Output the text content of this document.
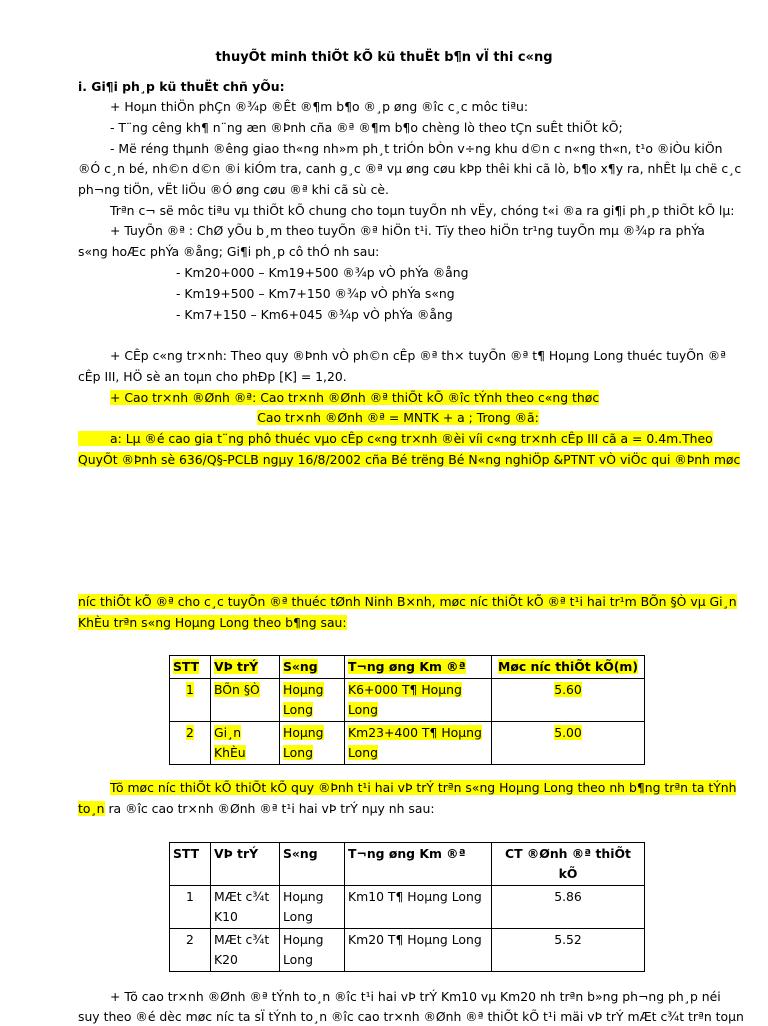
thuyÕt minh thiÕt kÕ kü thuËt b¶n vÏ thi c«ng
i. Gi¶i ph¸p kü thuËt chñ yÕu:
+ Hoµn thiÖn phÇn ®¾p ®Êt ®¶m b¶o ®¸p øng ®îc c¸c môc tiªu:
- T¨ng cêng kh¶ n¨ng æn ®Þnh cña ®ª ®¶m b¶o chèng lò theo tÇn suÊt thiÕt kÕ;
- Më réng thµnh ®êng giao th«ng nh»m ph¸t triÓn bÒn v÷ng khu d©n c n«ng th«n, t¹o ®iÒu kiÖn
®Ó c¸n bé, nh©n d©n ®i kiÓm tra, canh g¸c ®ª vµ øng cøu kÞp thêi khi cã lò, b¶o x¶y ra, nhÊt lµ chë c¸c
ph¬ng tiÖn, vËt liÖu ®Ó øng cøu ®ª khi cã sù cè.
Trªn c¬ së môc tiªu vµ thiÕt kÕ chung cho toµn tuyÕn nh vËy, chóng t«i ®a ra gi¶i ph¸p thiÕt kÕ lµ:
+ TuyÕn ®ª : ChØ yÕu b¸m theo tuyÕn ®ª hiÖn t¹i. Tïy theo hiÖn tr¹ng tuyÕn mµ ®¾p ra phÝa
s«ng hoÆc phÝa ®ång; Gi¶i ph¸p cô thÓ nh sau:
- Km20+000 – Km19+500 ®¾p vÒ phÝa ®ång
- Km19+500 – Km7+150 ®¾p vÒ phÝa s«ng
- Km7+150 – Km6+045 ®¾p vÒ phÝa ®ång
+ CÊp c«ng tr×nh: Theo quy ®Þnh vÒ ph©n cÊp ®ª th× tuyÕn ®ª t¶ Hoµng Long thuéc tuyÕn ®ª
cÊp III, HÖ sè an toµn cho phÐp [K] = 1,20.
+ Cao tr×nh ®Ønh ®ª: Cao tr×nh ®Ønh ®ª thiÕt kÕ ®îc tÝnh theo c«ng thøc
Cao tr×nh ®Ønh ®ª = MNTK + a ; Trong ®ã:
a: Lµ ®é cao gia t¨ng phô thuéc vµo cÊp c«ng tr×nh ®èi víi c«ng tr×nh cÊp III cã a = 0.4m.Theo
QuyÕt ®Þnh sè 636/Q§-PCLB ngµy 16/8/2002 cña Bé trëng Bé N«ng nghiÖp &PTNT vÒ viÖc qui ®Þnh møc
níc thiÕt kÕ ®ª cho c¸c tuyÕn ®ª thuéc tØnh Ninh B×nh, møc níc thiÕt kÕ ®ª t¹i hai tr¹m BÕn §Ò vµ Gi¸n
KhÈu trªn s«ng Hoµng Long theo b¶ng sau:
STT	VÞ trÝ	S«ng	T¬ng øng Km ®ª	Møc níc thiÕt kÕ(m)
1	BÕn §Ò	Hoµng Long	K6+000 T¶ Hoµng Long	5.60
2	Gi¸n KhÈu	Hoµng Long	Km23+400 T¶ Hoµng Long	5.00
Tõ møc níc thiÕt kÕ thiÕt kÕ quy ®Þnh t¹i hai vÞ trÝ trªn s«ng Hoµng Long theo nh b¶ng trªn ta tÝnh
to¸n ra ®îc cao tr×nh ®Ønh ®ª t¹i hai vÞ trÝ nµy nh sau:
STT	VÞ trÝ	S«ng	T¬ng øng Km ®ª	CT ®Ønh ®ª thiÕt kÕ
1	MÆt c¾t K10	Hoµng Long	Km10 T¶ Hoµng Long	5.86
2	MÆt c¾t K20	Hoµng Long	Km20 T¶ Hoµng Long	5.52
+ Tõ cao tr×nh ®Ønh ®ª tÝnh to¸n ®îc t¹i hai vÞ trÝ Km10 vµ Km20 nh trªn b»ng ph¬ng ph¸p néi
suy theo ®é dèc møc níc ta sÏ tÝnh to¸n ®îc cao tr×nh ®Ønh ®ª thiÕt kÕ t¹i mäi vÞ trÝ mÆt c¾t trªn toµn
